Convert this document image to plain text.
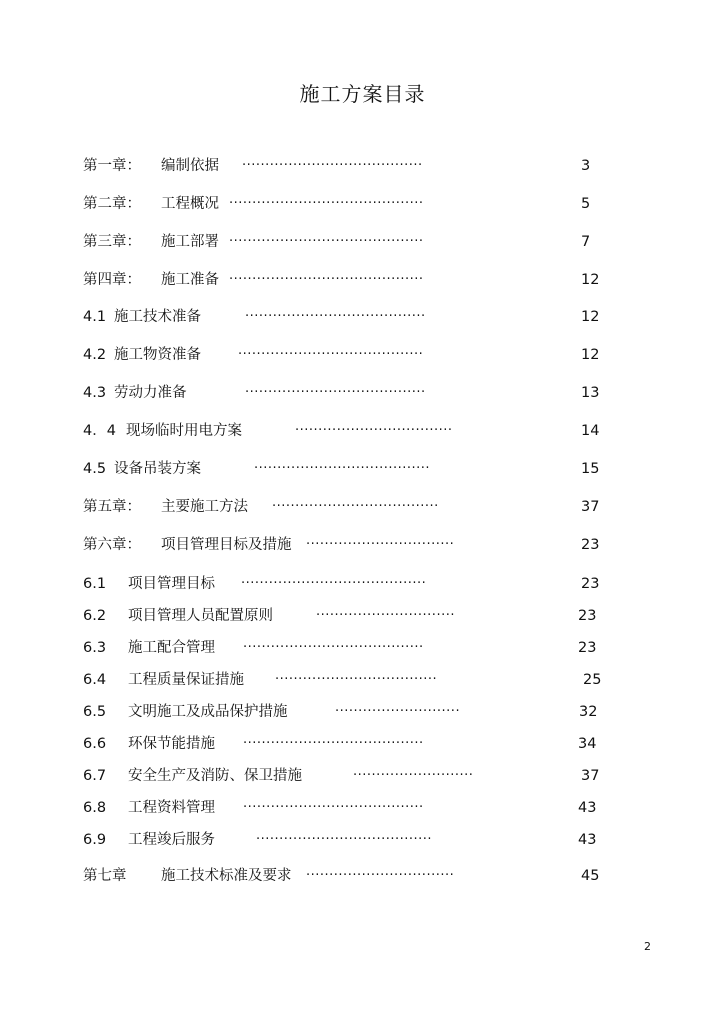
施工方案目录
第一章： 编制依据 ·······································	3
第二章： 工程概况 ··········································	5
第三章： 施工部署 ··········································	7
第四章： 施工准备 ··········································	12
4.1 施工技术准备	·······································	12
4.2 施工物资准备	········································	12
4.3 劳动力准备	·······································	13
4．4 现场临时用电方案	··································	14
4.5 设备吊装方案	······································	15
第五章： 主要施工方法 ····································	37
第六章： 项目管理目标及措施 ································	23
6.1 项目管理目标 ········································	23
6.2 项目管理人员配置原则	······························	23
6.3 施工配合管理 ·······································	23
6.4 工程质量保证措施 ···································	25
6.5 文明施工及成品保护措施	···························	32
6.6 环保节能措施 ·······································	34
6.7 安全生产及消防、保卫措施	··························	37
6.8 工程资料管理 ·······································	43
6.9 工程竣后服务	······································	43
第七章 施工技术标准及要求 ································	45
2
